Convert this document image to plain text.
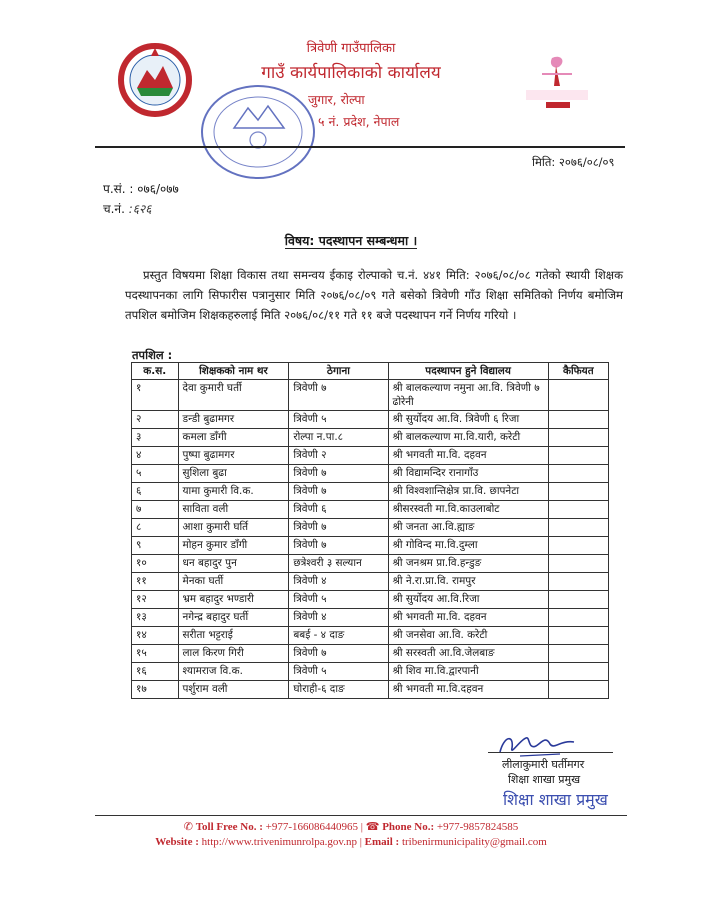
त्रिवेणी गाउँपालिका
गाउँ कार्यपालिकाको कार्यालय
जुगार, रोल्पा
५ नं. प्रदेश, नेपाल
मिति: २०७६/०८/०९
प.सं. : ०७६/०७७
च.नं. :६२६
विषय: पदस्थापन सम्बन्धमा ।
प्रस्तुत विषयमा शिक्षा विकास तथा समन्वय ईकाइ रोल्पाको च.नं. ४४१ मिति: २०७६/०८/०८ गतेको स्थायी शिक्षक पदस्थापनका लागि सिफारीस पत्रानुसार मिति २०७६/०८/०९ गते बसेको त्रिवेणी गाँउ शिक्षा समितिको निर्णय बमोजिम तपशिल बमोजिम शिक्षकहरुलाई मिति २०७६/०८/११ गते ११ बजे पदस्थापन गर्ने निर्णय गरियो ।
तपशिल :
क.स.	शिक्षकको नाम थर	ठेगाना	पदस्थापन हुने विद्यालय	कैफियत
१	देवा कुमारी घर्ती	त्रिवेणी ७	श्री बालकल्याण नमुना आ.वि. त्रिवेणी ७ ढोरेनी	
२	डन्डी बुढामगर	त्रिवेणी ५	श्री सुर्योदय आ.वि. त्रिवेणी ६ रिजा	
३	कमला डाँगी	रोल्पा न.पा.८	श्री बालकल्याण मा.वि.यारी, करेटी	
४	पुष्पा बुढामगर	त्रिवेणी २	श्री भगवती मा.वि. दहवन	
५	सुशिला बुढा	त्रिवेणी ७	श्री विद्यामन्दिर रानागाँउ	
६	यामा कुमारी वि.क.	त्रिवेणी ७	श्री विश्वशान्तिक्षेत्र प्रा.वि. छापनेटा	
७	साविता वली	त्रिवेणी ६	श्रीसरस्वती मा.वि.काउलाबोट	
८	आशा कुमारी घर्ति	त्रिवेणी ७	श्री जनता आ.वि.ह्याङ	
९	मोहन कुमार डाँगी	त्रिवेणी ७	श्री गोविन्द मा.वि.दुम्ला	
१०	धन बहादुर पुन	छत्रेश्वरी ३ सल्यान	श्री जनश्रम प्रा.वि.हन्डुङ	
११	मेनका घर्ती	त्रिवेणी ४	श्री ने.रा.प्रा.वि. रामपुर	
१२	भ्रम बहादुर भण्डारी	त्रिवेणी ५	श्री सुर्योदय आ.वि.रिजा	
१३	नगेन्द्र बहादुर घर्ती	त्रिवेणी ४	श्री भगवती मा.वि. दहवन	
१४	सरीता भट्टराई	बबई - ४ दाङ	श्री जनसेवा आ.वि. करेटी	
१५	लाल किरण गिरी	त्रिवेणी ७	श्री सरस्वती आ.वि.जेलबाङ	
१६	श्यामराज वि.क.	त्रिवेणी ५	श्री शिव मा.वि.द्वारपानी	
१७	पर्शुराम वली	घोराही-६ दाङ	श्री भगवती मा.वि.दहवन	
लीलाकुमारी घर्तीमगर
शिक्षा शाखा प्रमुख
शिक्षा शाखा प्रमुख
✆ Toll Free No. : +977-166086440965 | ☎ Phone No.: +977-9857824585
Website : http://www.trivenimunrolpa.gov.np | Email : tribenirmunicipality@gmail.com
